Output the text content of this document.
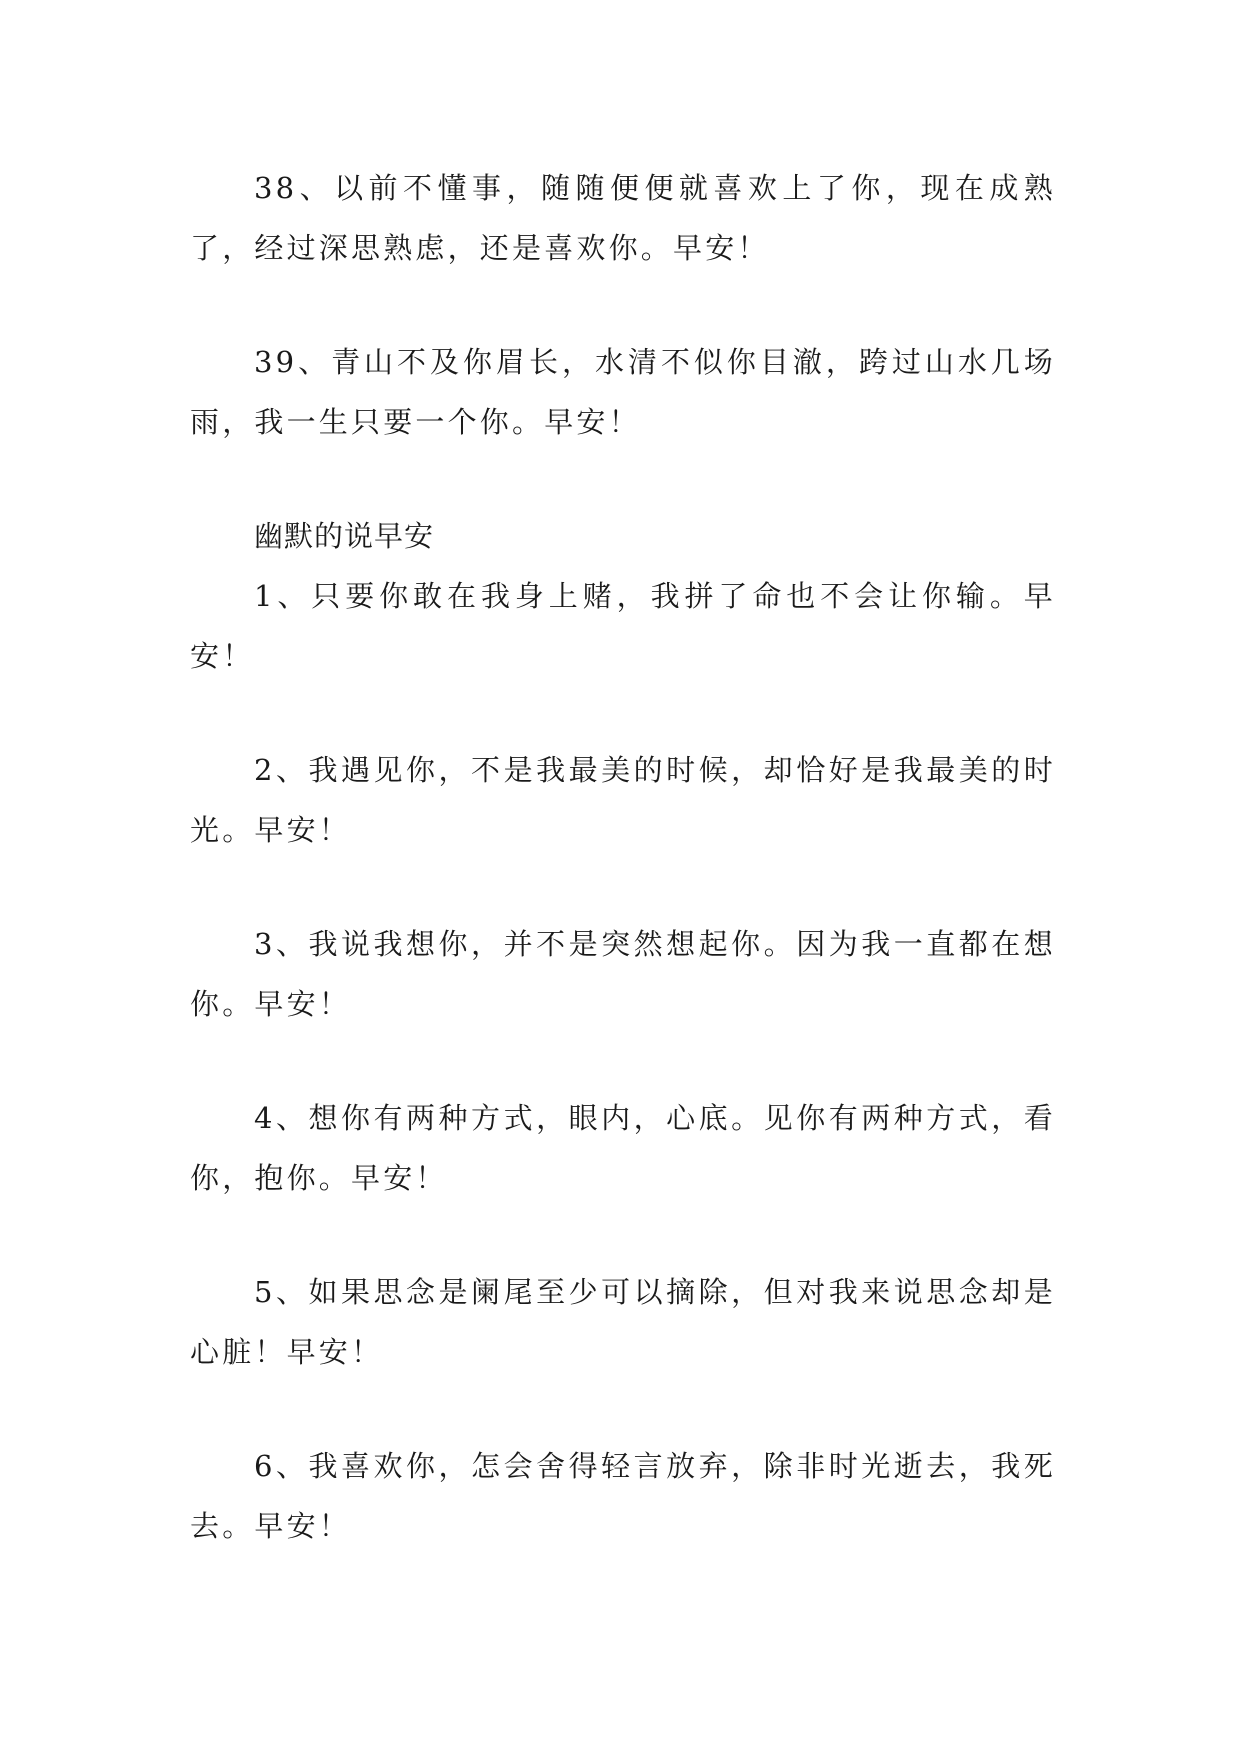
38、以前不懂事，随随便便就喜欢上了你，现在成熟了，经过深思熟虑，还是喜欢你。早安！

39、青山不及你眉长，水清不似你目澈，跨过山水几场雨，我一生只要一个你。早安！

幽默的说早安

1、只要你敢在我身上赌，我拼了命也不会让你输。早安！

2、我遇见你，不是我最美的时候，却恰好是我最美的时光。早安！

3、我说我想你，并不是突然想起你。因为我一直都在想你。早安！

4、想你有两种方式，眼内，心底。见你有两种方式，看你，抱你。早安！

5、如果思念是阑尾至少可以摘除，但对我来说思念却是心脏！早安！

6、我喜欢你，怎会舍得轻言放弃，除非时光逝去，我死去。早安！
